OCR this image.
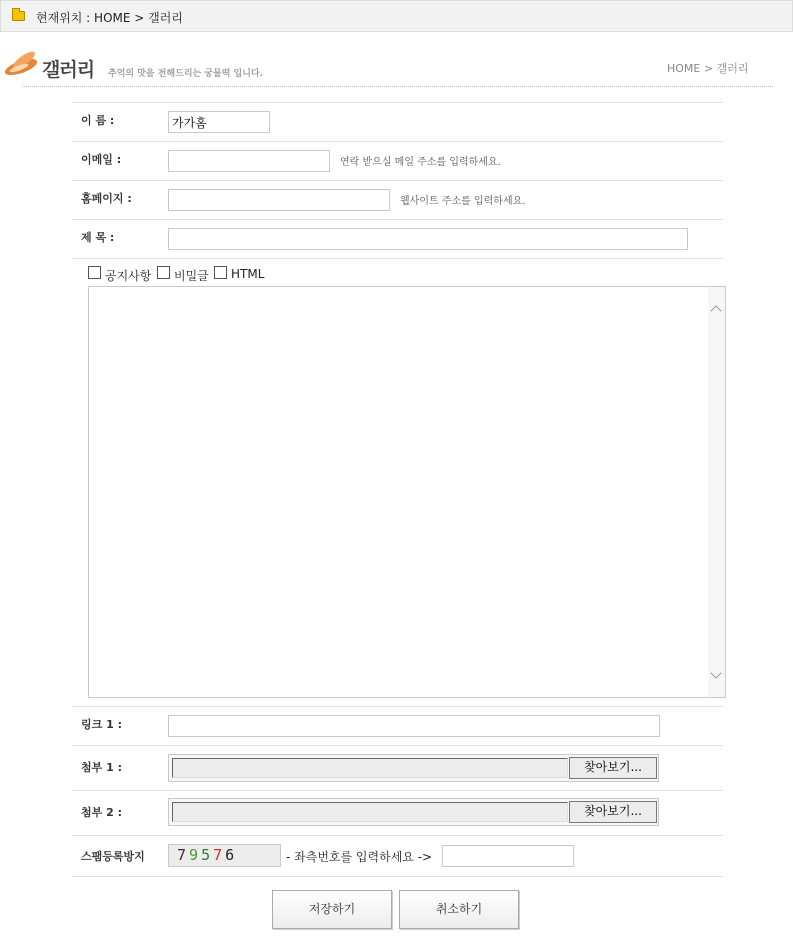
현재위치 : HOME > 갤러리
갤러리 추억의 맛을 전해드리는 궁물떡 입니다.	HOME > 갤러리
이 름 :
가가홈
이메일 :	연락 받으실 메일 주소를 입력하세요.
홈페이지 :	웹사이트 주소를 입력하세요.
제 목 :
공지사항 비밀글 HTML
링크 1 :
첨부 1 :	찾아보기...
첨부 2 :	찾아보기...
스팸등록방지	79576	- 좌측번호를 입력하세요 ->
저장하기	취소하기
